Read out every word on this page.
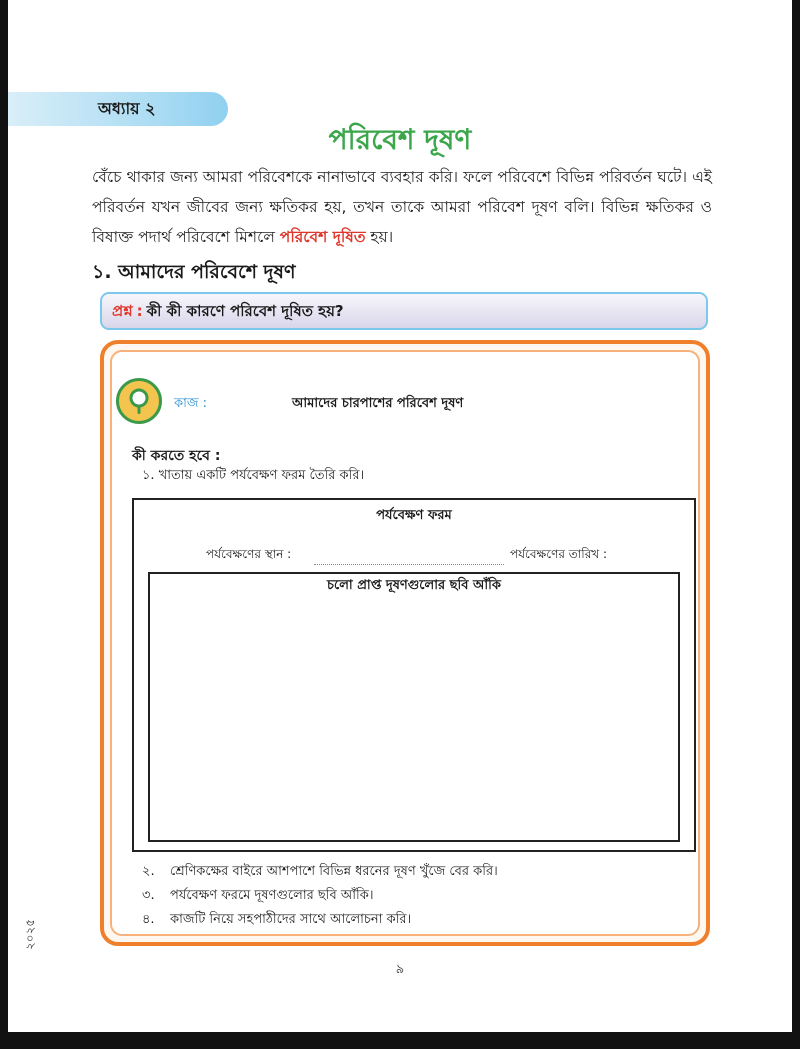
অধ্যায় ২
পরিবেশ দূষণ
বেঁচে থাকার জন্য আমরা পরিবেশকে নানাভাবে ব্যবহার করি। ফলে পরিবেশে বিভিন্ন পরিবর্তন ঘটে। এই পরিবর্তন যখন জীবের জন্য ক্ষতিকর হয়, তখন তাকে আমরা পরিবেশ দূষণ বলি। বিভিন্ন ক্ষতিকর ও বিষাক্ত পদার্থ পরিবেশে মিশলে পরিবেশ দূষিত হয়।
১. আমাদের পরিবেশে দূষণ
প্রশ্ন : কী কী কারণে পরিবেশ দূষিত হয়?
কাজ :	আমাদের চারপাশের পরিবেশ দূষণ
কী করতে হবে :
১. খাতায় একটি পর্যবেক্ষণ ফরম তৈরি করি।
পর্যবেক্ষণ ফরম
পর্যবেক্ষণের স্থান :	পর্যবেক্ষণের তারিখ :
চলো প্রাপ্ত দূষণগুলোর ছবি আঁকি
২. শ্রেণিকক্ষের বাইরে আশপাশে বিভিন্ন ধরনের দূষণ খুঁজে বের করি।
৩. পর্যবেক্ষণ ফরমে দূষণগুলোর ছবি আঁকি।
৪. কাজটি নিয়ে সহপাঠীদের সাথে আলোচনা করি।
২০২৫
৯
